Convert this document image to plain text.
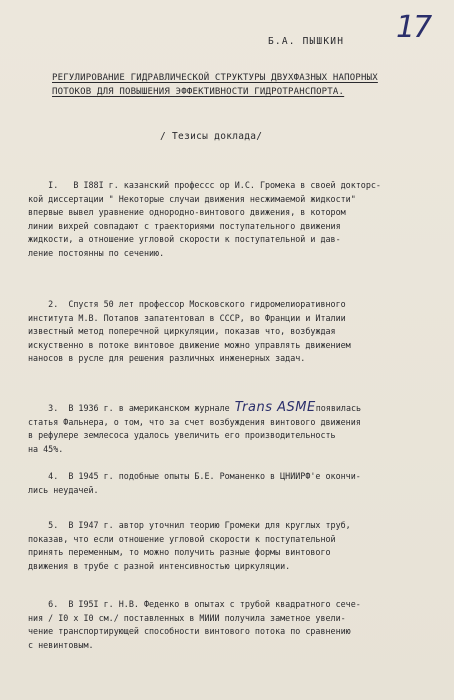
17
Б.А. ПЫШКИН
РЕГУЛИРОВАНИЕ ГИДРАВЛИЧЕСКОЙ СТРУКТУРЫ ДВУХФАЗНЫХ НАПОРНЫХ
ПОТОКОВ ДЛЯ ПОВЫШЕНИЯ ЭФФЕКТИВНОСТИ ГИДРОТРАНСПОРТА.
/ Тезисы доклада/
I.   В I88I г. казанский профессс ор И.С. Громека в своей докторс-
кой диссертации " Некоторые случаи движения несжимаемой жидкости"
впервые вывел уравнение однородно-винтового движения, в котором
линии вихрей совпадают с траекториями поступательного движения
жидкости, а отношение угловой скорости к поступательной и дав-
ление постоянны по сечению.
2.  Спустя 50 лет профессор Московского гидромелиоративного
института М.В. Потапов запатентовал в СССР, во Франции и Италии
известный метод поперечной циркуляции, показав что, возбуждая
искуственно в потоке винтовое движение можно управлять движением
наносов в русле для решения различных инженерных задач.
3.  В 1936 г. в американском журнале Trans ASMEпоявилась
статья Фальнера, о том, что за счет возбуждения винтового движения
в рефулере землесоса удалось увеличить его производительность
на 45%.
4.  В 1945 г. подобные опыты Б.Е. Романенко в ЦНИИРФ'е окончи-
лись неудачей.
5.  В I947 г. автор уточнил теорию Громеки для круглых труб,
показав, что если отношение угловой скорости к поступательной
принять переменным, то можно получить разные формы винтового
движения в трубе с разной интенсивностью циркуляции.
6.  В I95I г. Н.В. Феденко в опытах с трубой квадратного сече-
ния / I0 x I0 см./ поставленных в МИИИ получила заметное увели-
чение транспортирующей способности винтового потока по сравнению
с невинтовым.
